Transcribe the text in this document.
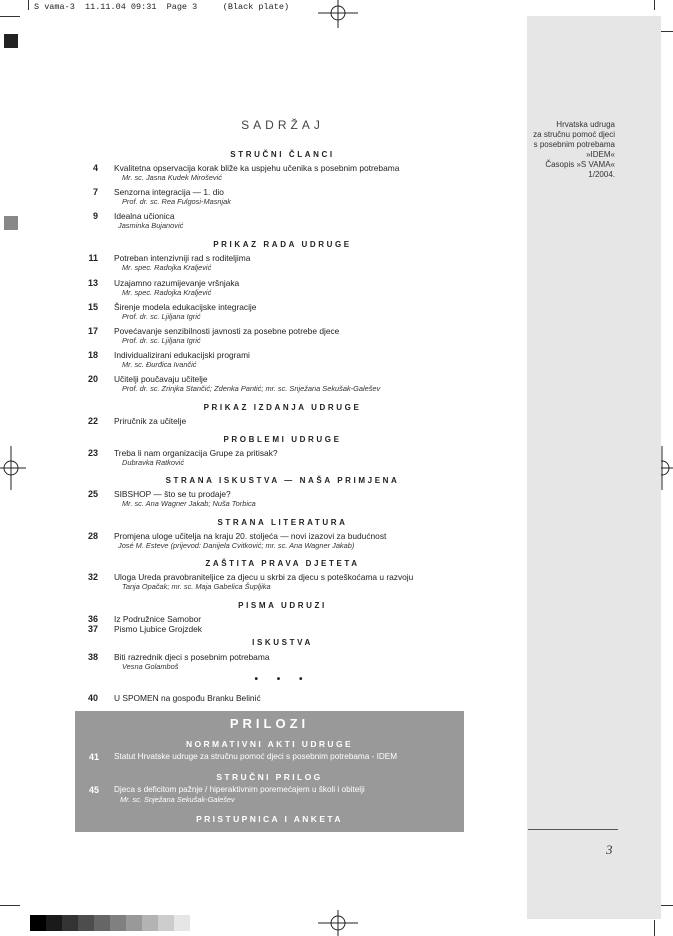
S vama-3  11.11.04 09:31  Page 3     (Black plate)
Hrvatska udruga
za stručnu pomoć djeci
s posebnim potrebama
»IDEM«
Časopis »S VAMA«
1/2004.
3
SADRŽAJ
STRUČNI ČLANCI
4 Kvalitetna opservacija korak bliže ka uspjehu učenika s posebnim potrebama
Mr. sc. Jasna Kudek Mirošević
7 Senzorna integracija — 1. dio
Prof. dr. sc. Rea Fulgosi-Masnjak
9 Idealna učionica
Jasminka Bujanović
PRIKAZ RADA UDRUGE
11 Potreban intenzivniji rad s roditeljima
Mr. spec. Radojka Kraljević
13 Uzajamno razumijevanje vršnjaka
Mr. spec. Radojka Kraljević
15 Širenje modela edukacijske integracije
Prof. dr. sc. Ljiljana Igrić
17 Povećavanje senzibilnosti javnosti za posebne potrebe djece
Prof. dr. sc. Ljiljana Igrić
18 Individualizirani edukacijski programi
Mr. sc. Đurđica Ivančić
20 Učitelji poučavaju učitelje
Prof. dr. sc. Zrinjka Stančić; Zdenka Pantić; mr. sc. Snježana Sekušak-Galešev
PRIKAZ IZDANJA UDRUGE
22 Priručnik za učitelje
PROBLEMI UDRUGE
23 Treba li nam organizacija Grupe za pritisak?
Dubravka Ratković
STRANA ISKUSTVA — NAŠA PRIMJENA
25 SIBSHOP — što se tu prodaje?
Mr. sc. Ana Wagner Jakab; Nuša Torbica
STRANA LITERATURA
28 Promjena uloge učitelja na kraju 20. stoljeća — novi izazovi za budućnost
José M. Esteve (prijevod: Danijela Cvitković; mr. sc. Ana Wagner Jakab)
ZAŠTITA PRAVA DJETETA
32 Uloga Ureda pravobraniteljice za djecu u skrbi za djecu s poteškoćama u razvoju
Tanja Opačak; mr. sc. Maja Gabelica Šupljika
PISMA UDRUZI
36 Iz Podružnice Samobor
37 Pismo Ljubice Grojzdek
ISKUSTVA
38 Biti razrednik djeci s posebnim potrebama
Vesna Golamboš
• • •
40 U SPOMEN na gospođu Branku Belinić
PRILOZI
NORMATIVNI AKTI UDRUGE
41 Statut Hrvatske udruge za stručnu pomoć djeci s posebnim potrebama - IDEM
STRUČNI PRILOG
45 Djeca s deficitom pažnje / hiperaktivnim poremećajem u školi i obitelji
Mr. sc. Snježana Sekušak-Galešev
PRISTUPNICA I ANKETA
